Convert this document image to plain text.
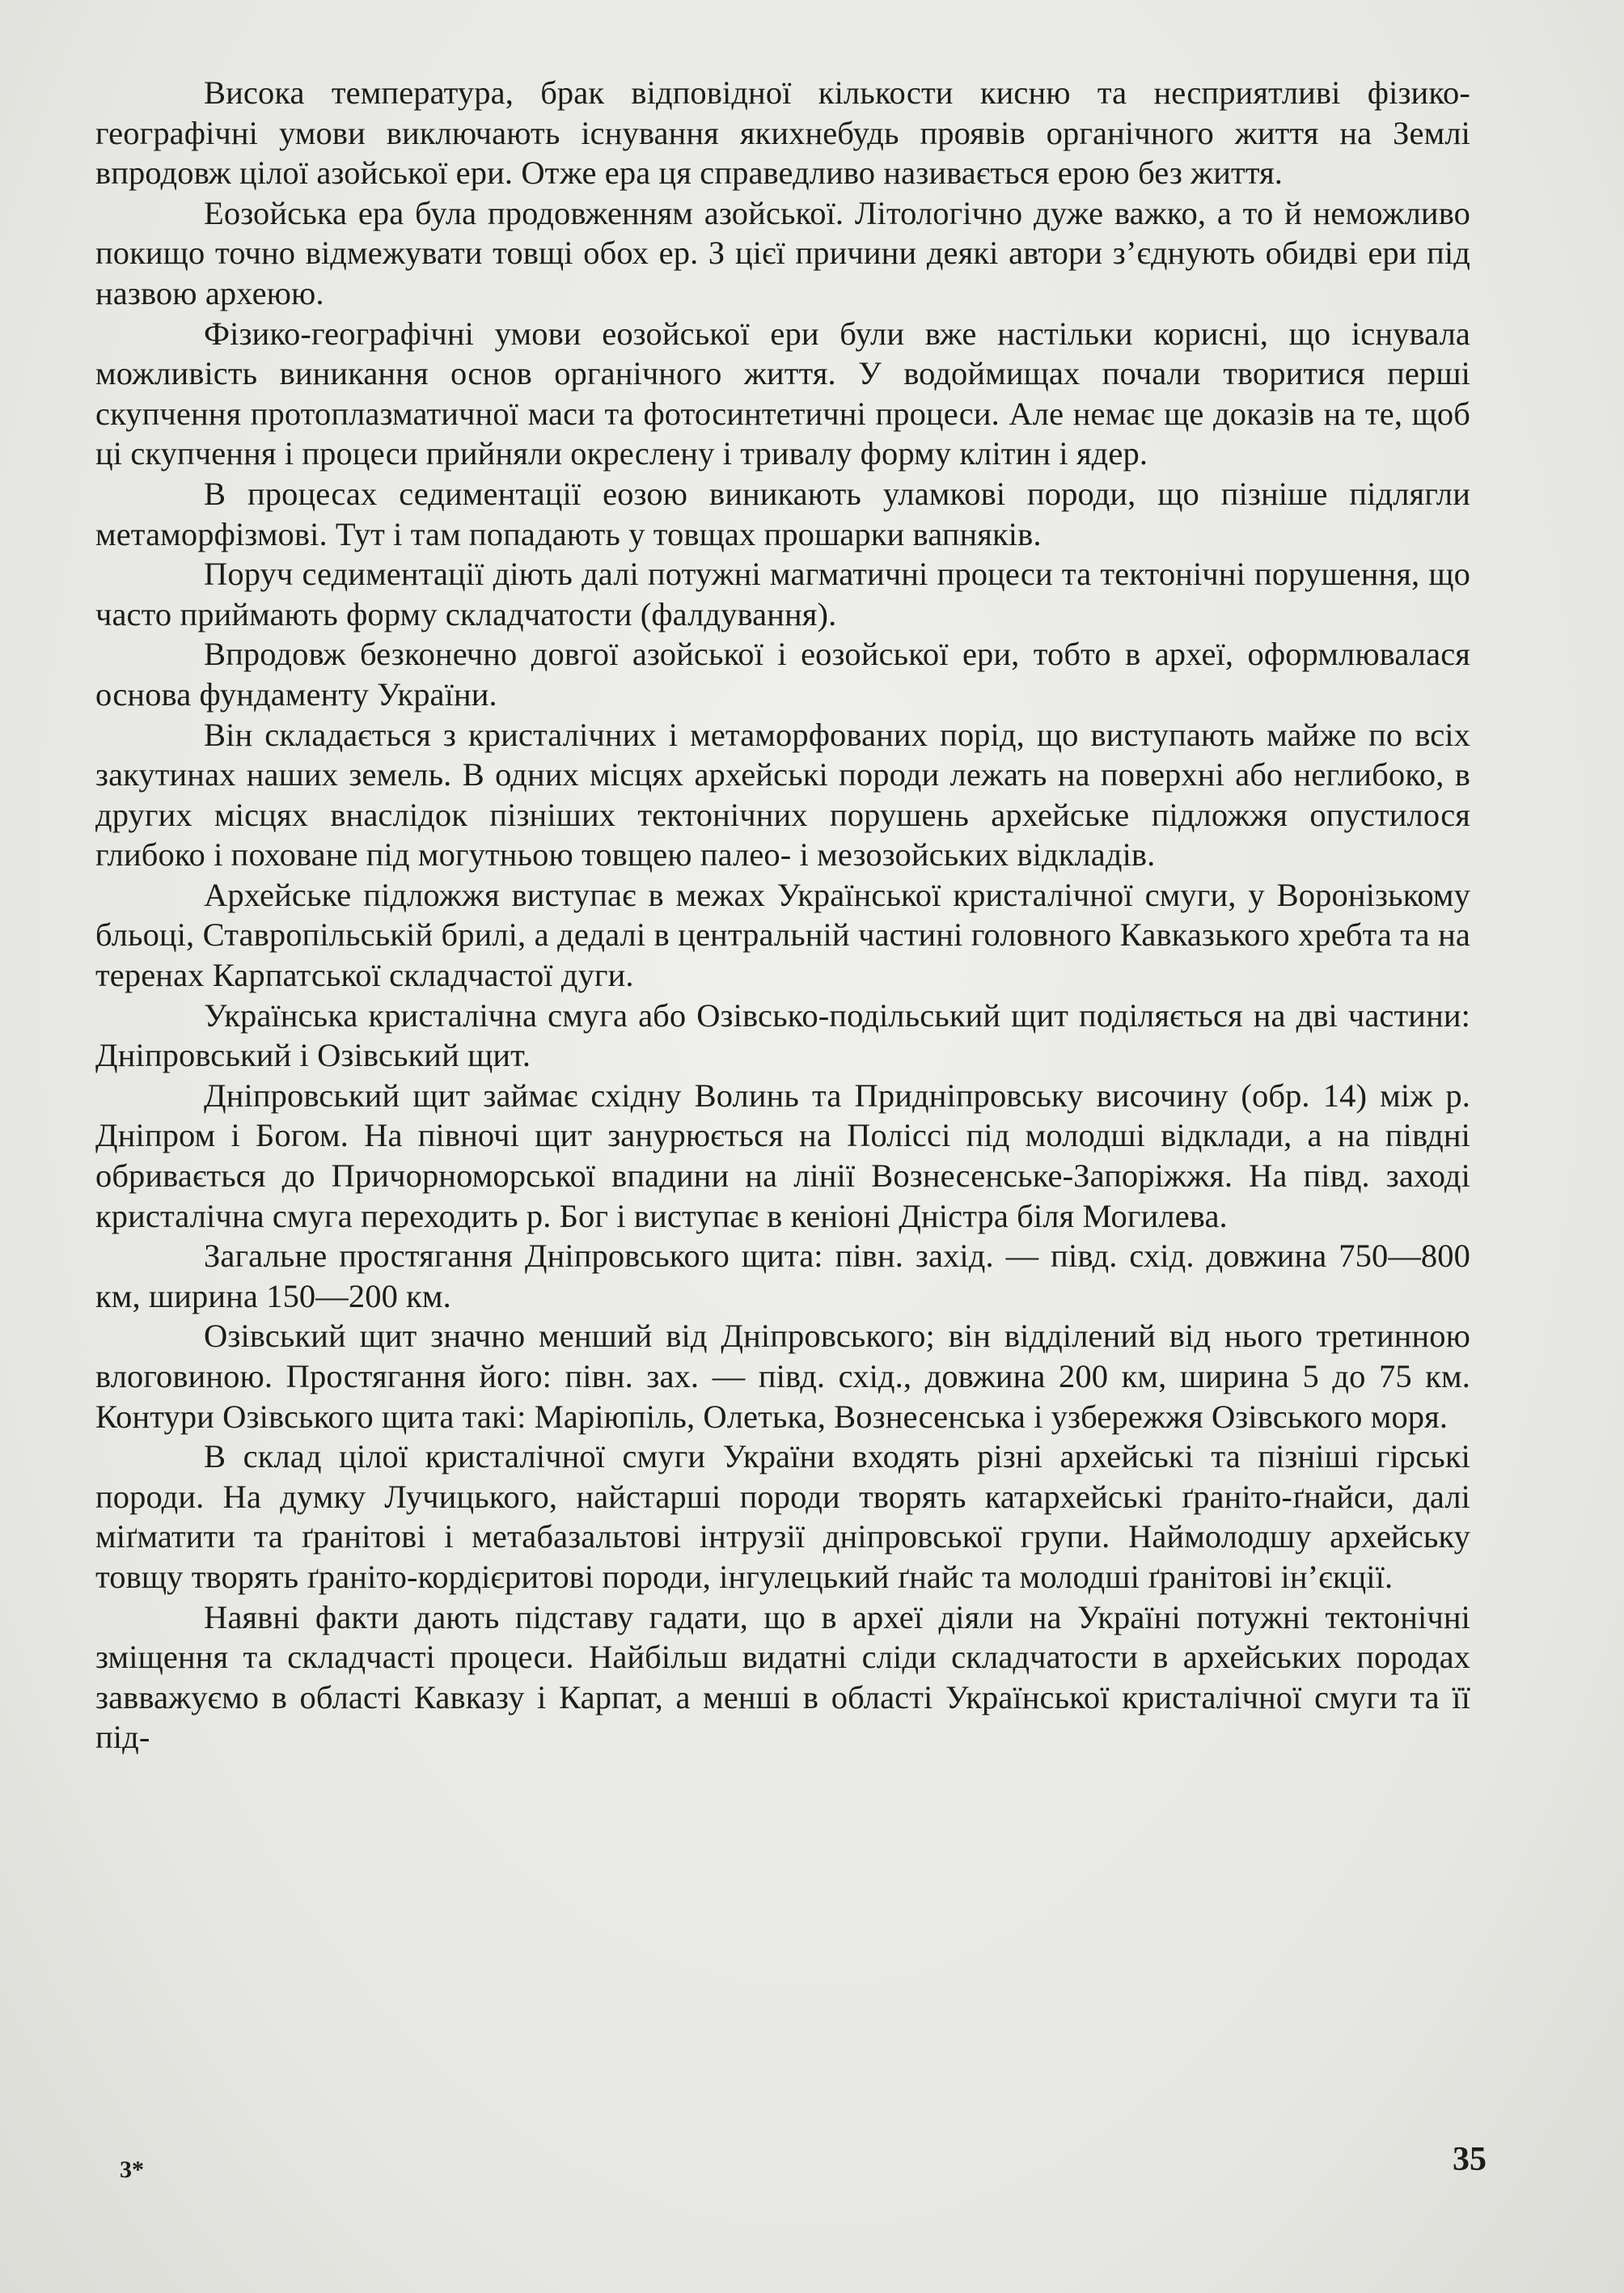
Висока температура, брак відповідної кількости кисню та несприятливі фізико-географічні умови виключають існування якихнебудь проявів органічного життя на Землі впродовж цілої азойської ери. Отже ера ця справедливо називається ерою без життя.

Еозойська ера була продовженням азойської. Літологічно дуже важко, а то й неможливо покищо точно відмежувати товщі обох ер. З цієї причини деякі автори з’єднують обидві ери під назвою археюю.

Фізико-географічні умови еозойської ери були вже настільки корисні, що існувала можливість виникання основ органічного життя. У водоймищах почали творитися перші скупчення протоплазматичної маси та фотосинтетичні процеси. Але немає ще доказів на те, щоб ці скупчення і процеси прийняли окреслену і тривалу форму клітин і ядер.

В процесах седиментації еозою виникають уламкові породи, що пізніше підлягли метаморфізмові. Тут і там попадають у товщах прошарки вапняків.

Поруч седиментації діють далі потужні магматичні процеси та тектонічні порушення, що часто приймають форму складчатости (фалдування).

Впродовж безконечно довгої азойської і еозойської ери, тобто в археї, оформлювалася основа фундаменту України.

Він складається з кристалічних і метаморфованих порід, що виступають майже по всіх закутинах наших земель. В одних місцях архейські породи лежать на поверхні або неглибоко, в других місцях внаслідок пізніших тектонічних порушень архейське підложжя опустилося глибоко і поховане під могутньою товщею палео- і мезозойських відкладів.

Архейське підложжя виступає в межах Української кристалічної смуги, у Воронізькому бльоці, Ставропільській брилі, а дедалі в центральній частині головного Кавказького хребта та на теренах Карпатської складчастої дуги.

Українська кристалічна смуга або Озівсько-подільський щит поділяється на дві частини: Дніпровський і Озівський щит.

Дніпровський щит займає східну Волинь та Придніпровську височину (обр. 14) між р. Дніпром і Богом. На півночі щит занурюється на Поліссі під молодші відклади, а на півдні обривається до Причорноморської впадини на лінії Вознесенське-Запоріжжя. На півд. заході кристалічна смуга переходить р. Бог і виступає в кеніоні Дністра біля Могилева.

Загальне простягання Дніпровського щита: півн. захід. — півд. схід. довжина 750—800 км, ширина 150—200 км.

Озівський щит значно менший від Дніпровського; він відділений від нього третинною влоговиною. Простягання його: півн. зах. — півд. схід., довжина 200 км, ширина 5 до 75 км. Контури Озівського щита такі: Маріюпіль, Олетька, Вознесенська і узбережжя Озівського моря.

В склад цілої кристалічної смуги України входять різні архейські та пізніші гірські породи. На думку Лучицького, найстарші породи творять катархейські ґраніто-ґнайси, далі міґматити та ґранітові і метабазальтові інтрузії дніпровської групи. Наймолодшу архейську товщу творять ґраніто-кордієритові породи, інгулецький ґнайс та молодші ґранітові ін’єкції.

Наявні факти дають підставу гадати, що в археї діяли на Україні потужні тектонічні зміщення та складчасті процеси. Найбільш видатні сліди складчатости в архейських породах завважуємо в області Кавказу і Карпат, а менші в області Української кристалічної смуги та її під-

3*	35
